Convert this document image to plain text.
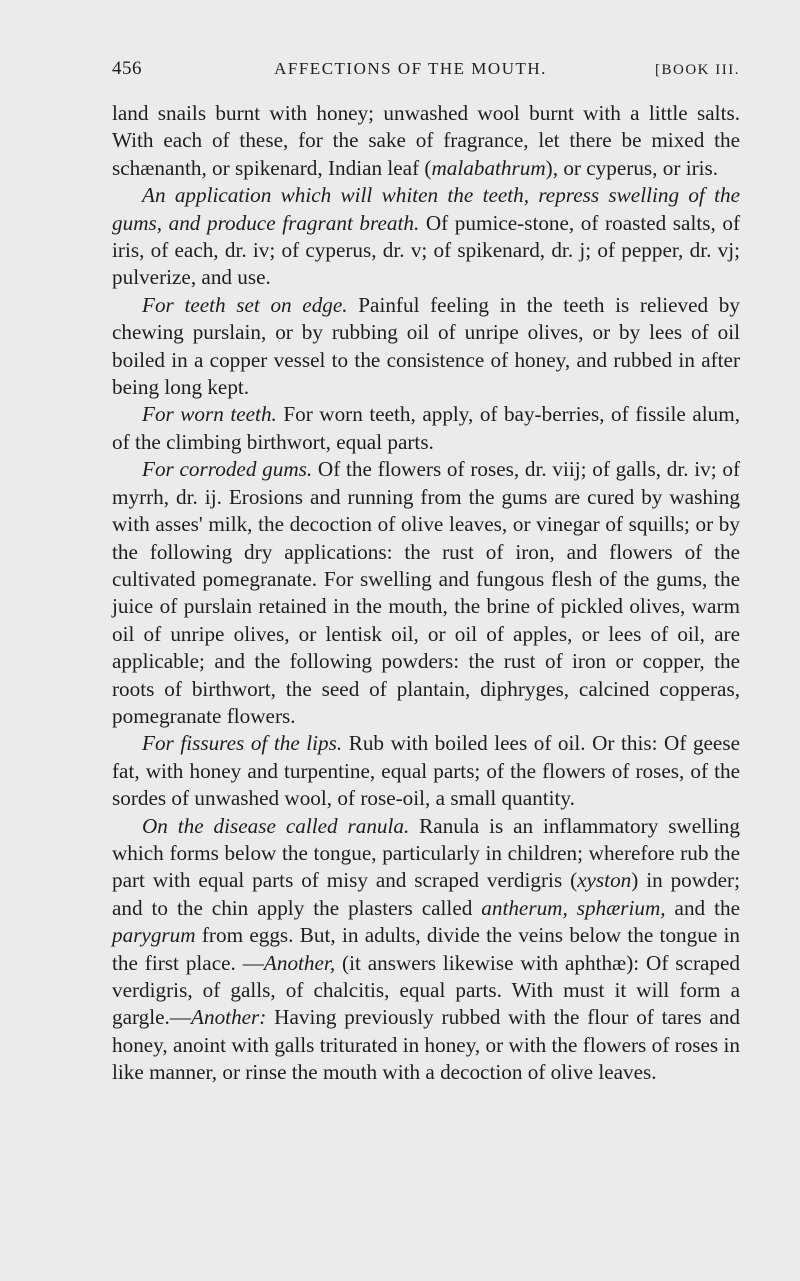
456	AFFECTIONS OF THE MOUTH.	[BOOK III.

land snails burnt with honey; unwashed wool burnt with a little salts. With each of these, for the sake of fragrance, let there be mixed the schænanth, or spikenard, Indian leaf (malabathrum), or cyperus, or iris.

An application which will whiten the teeth, repress swelling of the gums, and produce fragrant breath. Of pumice-stone, of roasted salts, of iris, of each, dr. iv; of cyperus, dr. v; of spikenard, dr. j; of pepper, dr. vj; pulverize, and use.

For teeth set on edge. Painful feeling in the teeth is relieved by chewing purslain, or by rubbing oil of unripe olives, or by lees of oil boiled in a copper vessel to the consistence of honey, and rubbed in after being long kept.

For worn teeth. For worn teeth, apply, of bay-berries, of fissile alum, of the climbing birthwort, equal parts.

For corroded gums. Of the flowers of roses, dr. viij; of galls, dr. iv; of myrrh, dr. ij. Erosions and running from the gums are cured by washing with asses' milk, the decoction of olive leaves, or vinegar of squills; or by the following dry applications: the rust of iron, and flowers of the cultivated pomegranate. For swelling and fungous flesh of the gums, the juice of purslain retained in the mouth, the brine of pickled olives, warm oil of unripe olives, or lentisk oil, or oil of apples, or lees of oil, are applicable; and the following powders: the rust of iron or copper, the roots of birthwort, the seed of plantain, diphryges, calcined copperas, pomegranate flowers.

For fissures of the lips. Rub with boiled lees of oil. Or this: Of geese fat, with honey and turpentine, equal parts; of the flowers of roses, of the sordes of unwashed wool, of rose-oil, a small quantity.

On the disease called ranula. Ranula is an inflammatory swelling which forms below the tongue, particularly in children; wherefore rub the part with equal parts of misy and scraped verdigris (xyston) in powder; and to the chin apply the plasters called antherum, sphærium, and the parygrum from eggs. But, in adults, divide the veins below the tongue in the first place. —Another, (it answers likewise with aphthæ): Of scraped verdigris, of galls, of chalcitis, equal parts. With must it will form a gargle.—Another: Having previously rubbed with the flour of tares and honey, anoint with galls triturated in honey, or with the flowers of roses in like manner, or rinse the mouth with a decoction of olive leaves.
